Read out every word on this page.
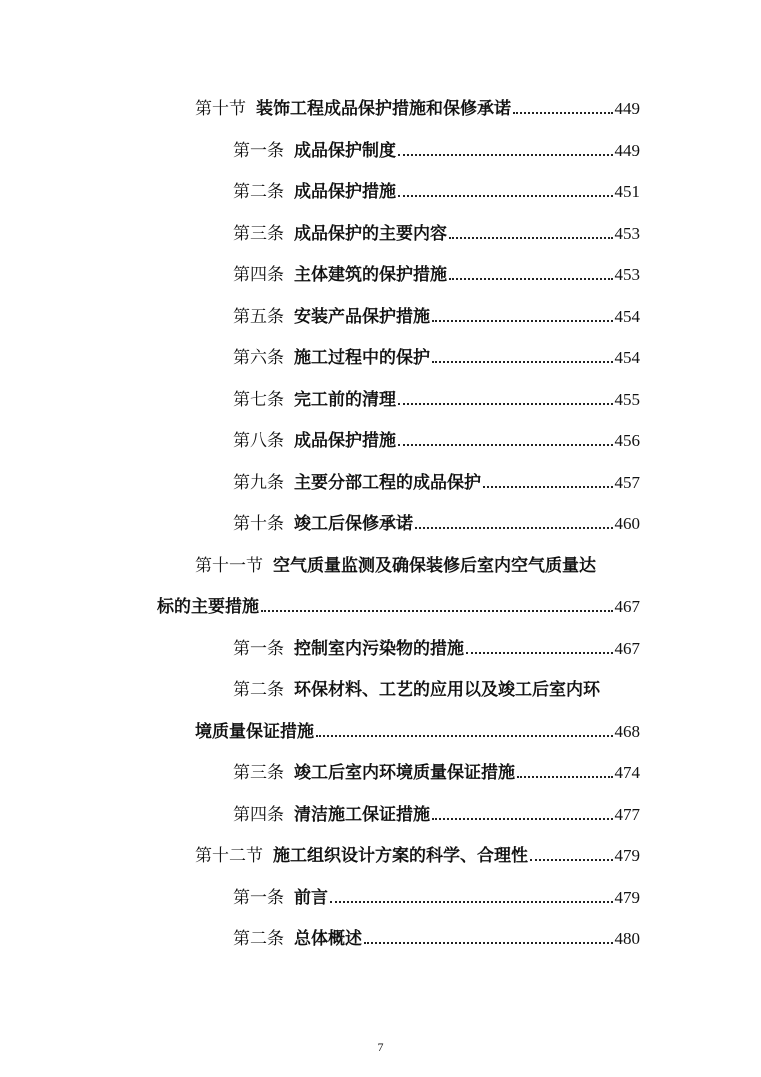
第十节 装饰工程成品保护措施和保修承诺	449
第一条 成品保护制度	449
第二条 成品保护措施	451
第三条 成品保护的主要内容	453
第四条 主体建筑的保护措施	453
第五条 安装产品保护措施	454
第六条 施工过程中的保护	454
第七条 完工前的清理	455
第八条 成品保护措施	456
第九条 主要分部工程的成品保护	457
第十条 竣工后保修承诺	460
第十一节 空气质量监测及确保装修后室内空气质量达
标的主要措施	467
第一条 控制室内污染物的措施	467
第二条 环保材料、工艺的应用以及竣工后室内环
境质量保证措施	468
第三条 竣工后室内环境质量保证措施	474
第四条 清洁施工保证措施	477
第十二节 施工组织设计方案的科学、合理性	479
第一条 前言	479
第二条 总体概述	480
7
